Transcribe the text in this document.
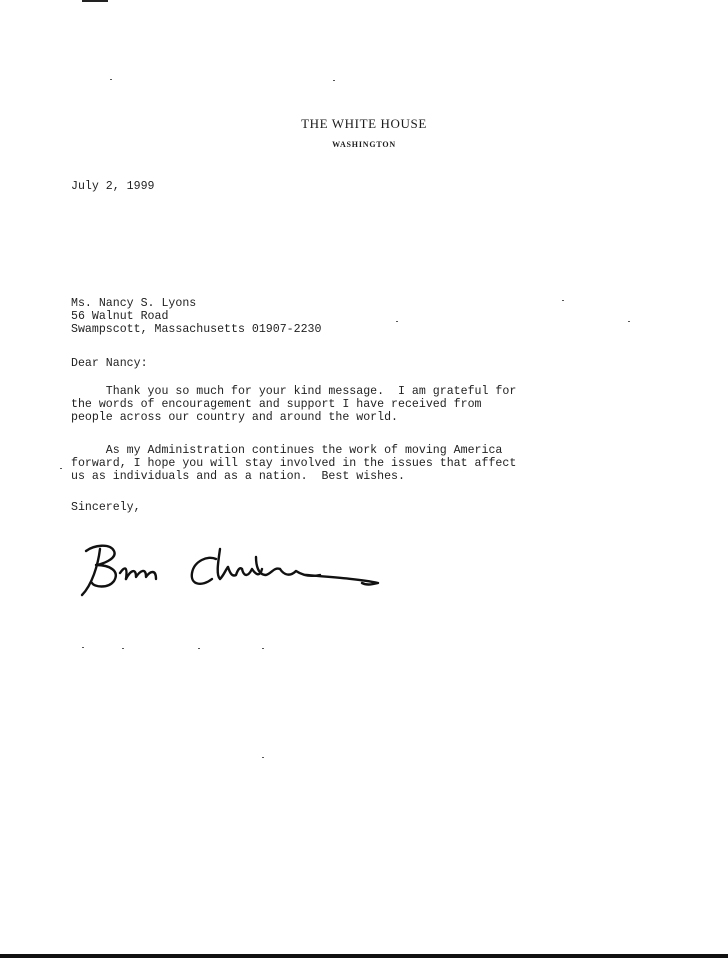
THE WHITE HOUSE
WASHINGTON
July 2, 1999
Ms. Nancy S. Lyons
56 Walnut Road
Swampscott, Massachusetts 01907-2230
Dear Nancy:
Thank you so much for your kind message.  I am grateful for
the words of encouragement and support I have received from
people across our country and around the world.
As my Administration continues the work of moving America
forward, I hope you will stay involved in the issues that affect
us as individuals and as a nation.  Best wishes.
Sincerely,
